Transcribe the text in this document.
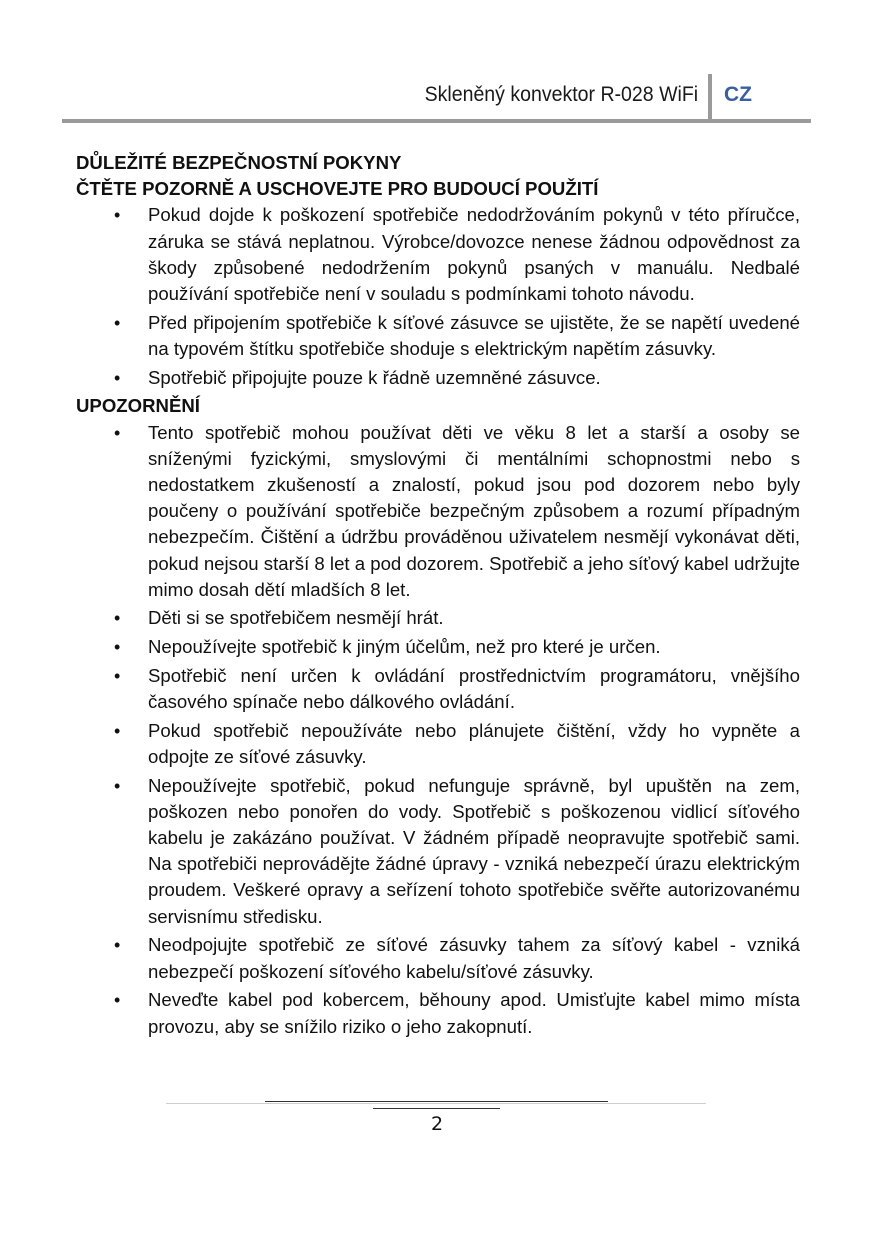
Skleněný konvektor R-028 WiFi CZ

DŮLEŽITÉ BEZPEČNOSTNÍ POKYNY

ČTĚTE POZORNĚ A USCHOVEJTE PRO BUDOUCÍ POUŽITÍ

• Pokud dojde k poškození spotřebiče nedodržováním pokynů v této příručce, záruka se stává neplatnou. Výrobce/dovozce nenese žádnou odpovědnost za škody způsobené nedodržením pokynů psaných v manuálu. Nedbalé používání spotřebiče není v souladu s podmínkami tohoto návodu.
• Před připojením spotřebiče k síťové zásuvce se ujistěte, že se napětí uvedené na typovém štítku spotřebiče shoduje s elektrickým napětím zásuvky.
• Spotřebič připojujte pouze k řádně uzemněné zásuvce.

UPOZORNĚNÍ

• Tento spotřebič mohou používat děti ve věku 8 let a starší a osoby se sníženými fyzickými, smyslovými či mentálními schopnostmi nebo s nedostatkem zkušeností a znalostí, pokud jsou pod dozorem nebo byly poučeny o používání spotřebiče bezpečným způsobem a rozumí případným nebezpečím. Čištění a údržbu prováděnou uživatelem nesmějí vykonávat děti, pokud nejsou starší 8 let a pod dozorem. Spotřebič a jeho síťový kabel udržujte mimo dosah dětí mladších 8 let.
• Děti si se spotřebičem nesmějí hrát.
• Nepoužívejte spotřebič k jiným účelům, než pro které je určen.
• Spotřebič není určen k ovládání prostřednictvím programátoru, vnějšího časového spínače nebo dálkového ovládání.
• Pokud spotřebič nepoužíváte nebo plánujete čištění, vždy ho vypněte a odpojte ze síťové zásuvky.
• Nepoužívejte spotřebič, pokud nefunguje správně, byl upuštěn na zem, poškozen nebo ponořen do vody. Spotřebič s poškozenou vidlicí síťového kabelu je zakázáno používat. V žádném případě neopravujte spotřebič sami. Na spotřebiči neprovádějte žádné úpravy - vzniká nebezpečí úrazu elektrickým proudem. Veškeré opravy a seřízení tohoto spotřebiče svěřte autorizovanému servisnímu středisku.
• Neodpojujte spotřebič ze síťové zásuvky tahem za síťový kabel - vzniká nebezpečí poškození síťového kabelu/síťové zásuvky.
• Neveďte kabel pod kobercem, běhouny apod. Umisťujte kabel mimo místa provozu, aby se snížilo riziko o jeho zakopnutí.
2
